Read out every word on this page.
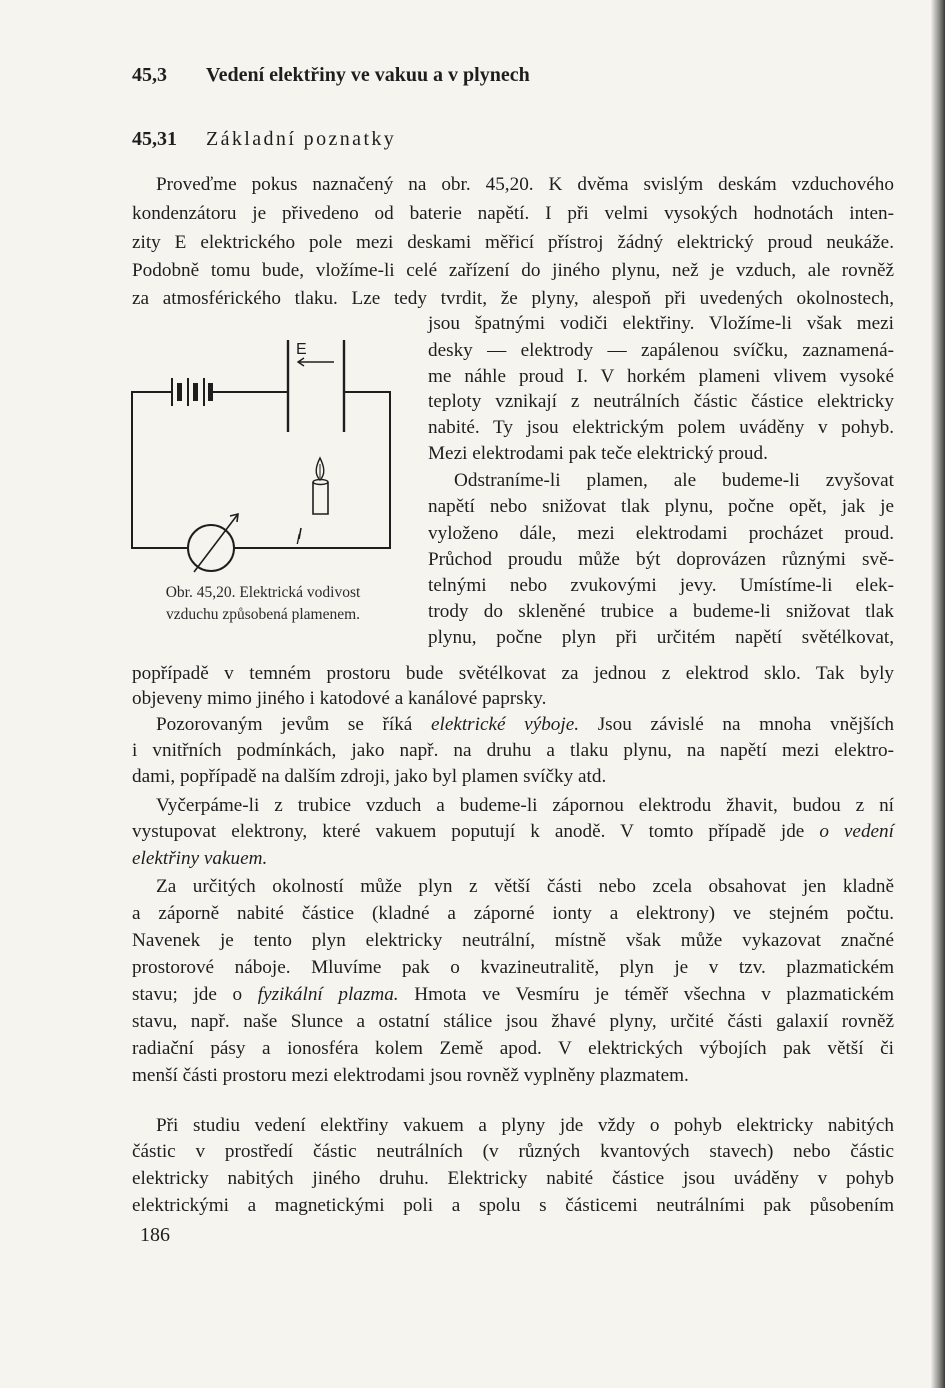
45,3 Vedení elektřiny ve vakuu a v plynech
45,31 Základní poznatky
Proveďme pokus naznačený na obr. 45,20. K dvěma svislým deskám vzduchového
kondenzátoru je přivedeno od baterie napětí. I při velmi vysokých hodnotách inten-
zity E elektrického pole mezi deskami měřicí přístroj žádný elektrický proud neukáže.
Podobně tomu bude, vložíme-li celé zařízení do jiného plynu, než je vzduch, ale rovněž
za atmosférického tlaku. Lze tedy tvrdit, že plyny, alespoň při uvedených okolnostech,
jsou špatnými vodiči elektřiny. Vložíme-li však mezi
desky — elektrody — zapálenou svíčku, zaznamená-
me náhle proud I. V horkém plameni vlivem vysoké
teploty vznikají z neutrálních částic částice elektricky
nabité. Ty jsou elektrickým polem uváděny v pohyb.
Mezi elektrodami pak teče elektrický proud.
Odstraníme-li plamen, ale budeme-li zvyšovat
napětí nebo snižovat tlak plynu, počne opět, jak je
vyloženo dále, mezi elektrodami procházet proud.
Průchod proudu může být doprovázen různými svě-
telnými nebo zvukovými jevy. Umístíme-li elek-
trody do skleněné trubice a budeme-li snižovat tlak
plynu, počne plyn při určitém napětí světélkovat,
popřípadě v temném prostoru bude světélkovat za jednou z elektrod sklo. Tak byly
objeveny mimo jiného i katodové a kanálové paprsky.
Pozorovaným jevům se říká elektrické výboje. Jsou závislé na mnoha vnějších
i vnitřních podmínkách, jako např. na druhu a tlaku plynu, na napětí mezi elektro-
dami, popřípadě na dalším zdroji, jako byl plamen svíčky atd.
Vyčerpáme-li z trubice vzduch a budeme-li zápornou elektrodu žhavit, budou z ní
vystupovat elektrony, které vakuem poputují k anodě. V tomto případě jde o vedení
elektřiny vakuem.
Za určitých okolností může plyn z větší části nebo zcela obsahovat jen kladně
a záporně nabité částice (kladné a záporné ionty a elektrony) ve stejném počtu.
Navenek je tento plyn elektricky neutrální, místně však může vykazovat značné
prostorové náboje. Mluvíme pak o kvazineutralitě, plyn je v tzv. plazmatickém
stavu; jde o fyzikální plazma. Hmota ve Vesmíru je téměř všechna v plazmatickém
stavu, např. naše Slunce a ostatní stálice jsou žhavé plyny, určité části galaxií rovněž
radiační pásy a ionosféra kolem Země apod. V elektrických výbojích pak větší či
menší části prostoru mezi elektrodami jsou rovněž vyplněny plazmatem.
Při studiu vedení elektřiny vakuem a plyny jde vždy o pohyb elektricky nabitých
částic v prostředí částic neutrálních (v různých kvantových stavech) nebo částic
elektricky nabitých jiného druhu. Elektricky nabité částice jsou uváděny v pohyb
elektrickými a magnetickými poli a spolu s částicemi neutrálními pak působením
E
I
Obr. 45,20. Elektrická vodivost
vzduchu způsobená plamenem.
186
